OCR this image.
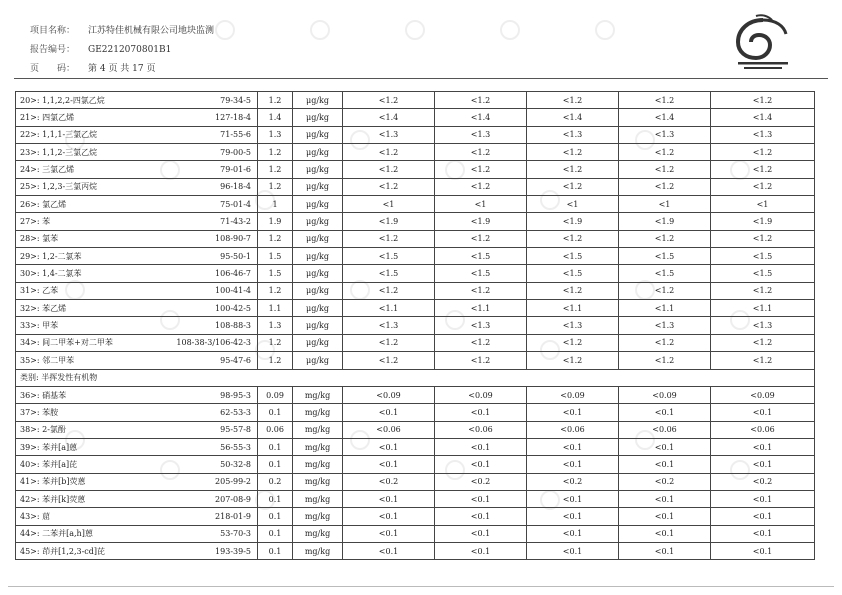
项目名称：	江苏特佳机械有限公司地块监测
报告编号：	GE2212070801B1
页　　码：	第 4 页 共 17 页
20>: 1,1,2,2-四氯乙烷	79-34-5	1.2	μg/kg	<1.2	<1.2	<1.2	<1.2	<1.2
21>: 四氯乙烯	127-18-4	1.4	μg/kg	<1.4	<1.4	<1.4	<1.4	<1.4
22>: 1,1,1-三氯乙烷	71-55-6	1.3	μg/kg	<1.3	<1.3	<1.3	<1.3	<1.3
23>: 1,1,2-三氯乙烷	79-00-5	1.2	μg/kg	<1.2	<1.2	<1.2	<1.2	<1.2
24>: 三氯乙烯	79-01-6	1.2	μg/kg	<1.2	<1.2	<1.2	<1.2	<1.2
25>: 1,2,3-三氯丙烷	96-18-4	1.2	μg/kg	<1.2	<1.2	<1.2	<1.2	<1.2
26>: 氯乙烯	75-01-4	1	μg/kg	<1	<1	<1	<1	<1
27>: 苯	71-43-2	1.9	μg/kg	<1.9	<1.9	<1.9	<1.9	<1.9
28>: 氯苯	108-90-7	1.2	μg/kg	<1.2	<1.2	<1.2	<1.2	<1.2
29>: 1,2-二氯苯	95-50-1	1.5	μg/kg	<1.5	<1.5	<1.5	<1.5	<1.5
30>: 1,4-二氯苯	106-46-7	1.5	μg/kg	<1.5	<1.5	<1.5	<1.5	<1.5
31>: 乙苯	100-41-4	1.2	μg/kg	<1.2	<1.2	<1.2	<1.2	<1.2
32>: 苯乙烯	100-42-5	1.1	μg/kg	<1.1	<1.1	<1.1	<1.1	<1.1
33>: 甲苯	108-88-3	1.3	μg/kg	<1.3	<1.3	<1.3	<1.3	<1.3
34>: 间二甲苯+对二甲苯	108-38-3/106-42-3	1.2	μg/kg	<1.2	<1.2	<1.2	<1.2	<1.2
35>: 邻二甲苯	95-47-6	1.2	μg/kg	<1.2	<1.2	<1.2	<1.2	<1.2
类别: 半挥发性有机物								
36>: 硝基苯	98-95-3	0.09	mg/kg	<0.09	<0.09	<0.09	<0.09	<0.09
37>: 苯胺	62-53-3	0.1	mg/kg	<0.1	<0.1	<0.1	<0.1	<0.1
38>: 2-氯酚	95-57-8	0.06	mg/kg	<0.06	<0.06	<0.06	<0.06	<0.06
39>: 苯并[a]蒽	56-55-3	0.1	mg/kg	<0.1	<0.1	<0.1	<0.1	<0.1
40>: 苯并[a]芘	50-32-8	0.1	mg/kg	<0.1	<0.1	<0.1	<0.1	<0.1
41>: 苯并[b]荧蒽	205-99-2	0.2	mg/kg	<0.2	<0.2	<0.2	<0.2	<0.2
42>: 苯并[k]荧蒽	207-08-9	0.1	mg/kg	<0.1	<0.1	<0.1	<0.1	<0.1
43>: 䓛	218-01-9	0.1	mg/kg	<0.1	<0.1	<0.1	<0.1	<0.1
44>: 二苯并[a,h]蒽	53-70-3	0.1	mg/kg	<0.1	<0.1	<0.1	<0.1	<0.1
45>: 茚并[1,2,3-cd]芘	193-39-5	0.1	mg/kg	<0.1	<0.1	<0.1	<0.1	<0.1
